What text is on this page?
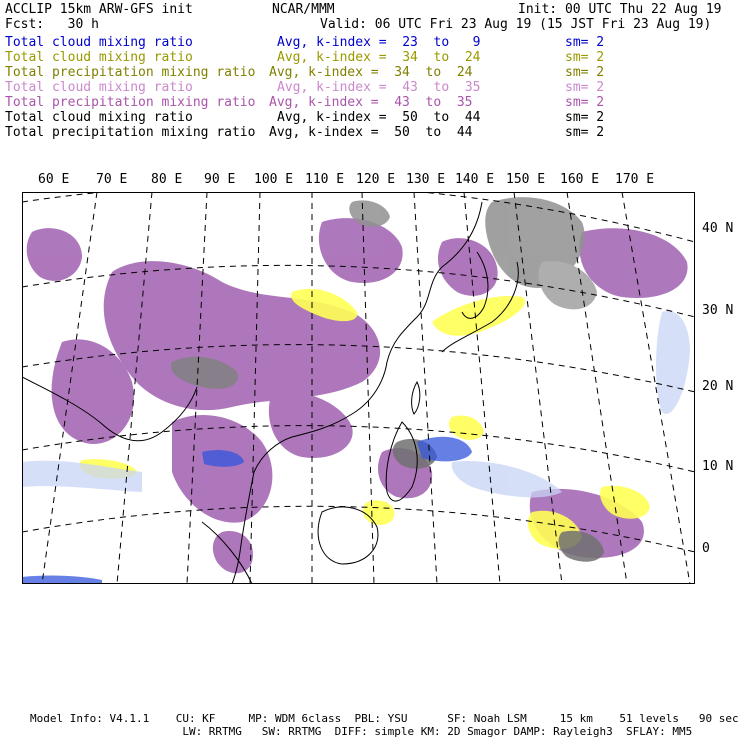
ACCLIP 15km ARW-GFS init	NCAR/MMM	Init: 00 UTC Thu 22 Aug 19
Fcst:   30 h	Valid: 06 UTC Fri 23 Aug 19 (15 JST Fri 23 Aug 19)
Total cloud mixing ratio	Avg, k-index =  23  to   9	sm= 2
Total cloud mixing ratio	Avg, k-index =  34  to  24	sm= 2
Total precipitation mixing ratio Avg, k-index =  34  to  24	sm= 2
Total cloud mixing ratio	Avg, k-index =  43  to  35	sm= 2
Total precipitation mixing ratio Avg, k-index =  43  to  35	sm= 2
Total cloud mixing ratio	Avg, k-index =  50  to  44	sm= 2
Total precipitation mixing ratio Avg, k-index =  50  to  44	sm= 2
60 E 70 E 80 E 90 E 100 E 110 E 120 E 130 E 140 E 150 E 160 E 170 E
40 N
30 N
20 N
10 N
0
Model Info: V4.1.1    CU: KF     MP: WDM 6class  PBL: YSU      SF: Noah LSM     15 km    51 levels   90 sec
LW: RRTMG   SW: RRTMG  DIFF: simple KM: 2D Smagor DAMP: Rayleigh3  SFLAY: MM5
